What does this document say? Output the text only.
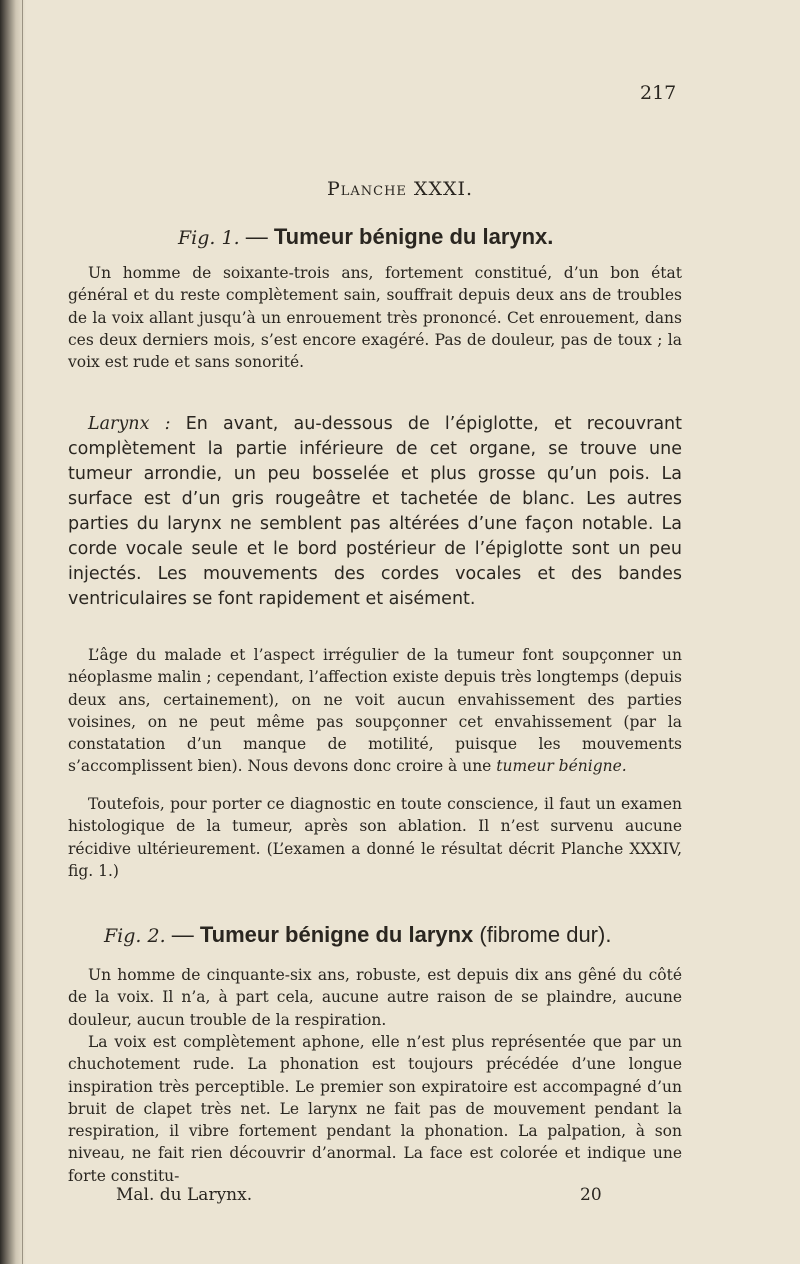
217
Planche XXXI.
Fig. 1. — Tumeur bénigne du larynx.

Un homme de soixante-trois ans, fortement constitué, d’un bon état général et du reste complètement sain, souffrait depuis deux ans de troubles de la voix allant jusqu’à un enrouement très prononcé. Cet enrouement, dans ces deux derniers mois, s’est encore exagéré. Pas de douleur, pas de toux ; la voix est rude et sans sonorité.

Larynx : En avant, au-dessous de l’épiglotte, et recouvrant complètement la partie inférieure de cet organe, se trouve une tumeur arrondie, un peu bosselée et plus grosse qu’un pois. La surface est d’un gris rougeâtre et tachetée de blanc. Les autres parties du larynx ne semblent pas altérées d’une façon notable. La corde vocale seule et le bord postérieur de l’épiglotte sont un peu injectés. Les mouvements des cordes vocales et des bandes ventriculaires se font rapidement et aisément.

L’âge du malade et l’aspect irrégulier de la tumeur font soupçonner un néoplasme malin ; cependant, l’affection existe depuis très longtemps (depuis deux ans, certainement), on ne voit aucun envahissement des parties voisines, on ne peut même pas soupçonner cet envahissement (par la constatation d’un manque de motilité, puisque les mouvements s’accomplissent bien). Nous devons donc croire à une tumeur bénigne.

Toutefois, pour porter ce diagnostic en toute conscience, il faut un examen histologique de la tumeur, après son ablation. Il n’est survenu aucune récidive ultérieurement. (L’examen a donné le résultat décrit Planche XXXIV, fig. 1.)

Fig. 2. — Tumeur bénigne du larynx (fibrome dur).

Un homme de cinquante-six ans, robuste, est depuis dix ans gêné du côté de la voix. Il n’a, à part cela, aucune autre raison de se plaindre, aucune douleur, aucun trouble de la respiration.

La voix est complètement aphone, elle n’est plus représentée que par un chuchotement rude. La phonation est toujours précédée d’une longue inspiration très perceptible. Le premier son expiratoire est accompagné d’un bruit de clapet très net. Le larynx ne fait pas de mouvement pendant la respiration, il vibre fortement pendant la phonation. La palpation, à son niveau, ne fait rien découvrir d’anormal. La face est colorée et indique une forte constitu-

Mal. du Larynx.	20
